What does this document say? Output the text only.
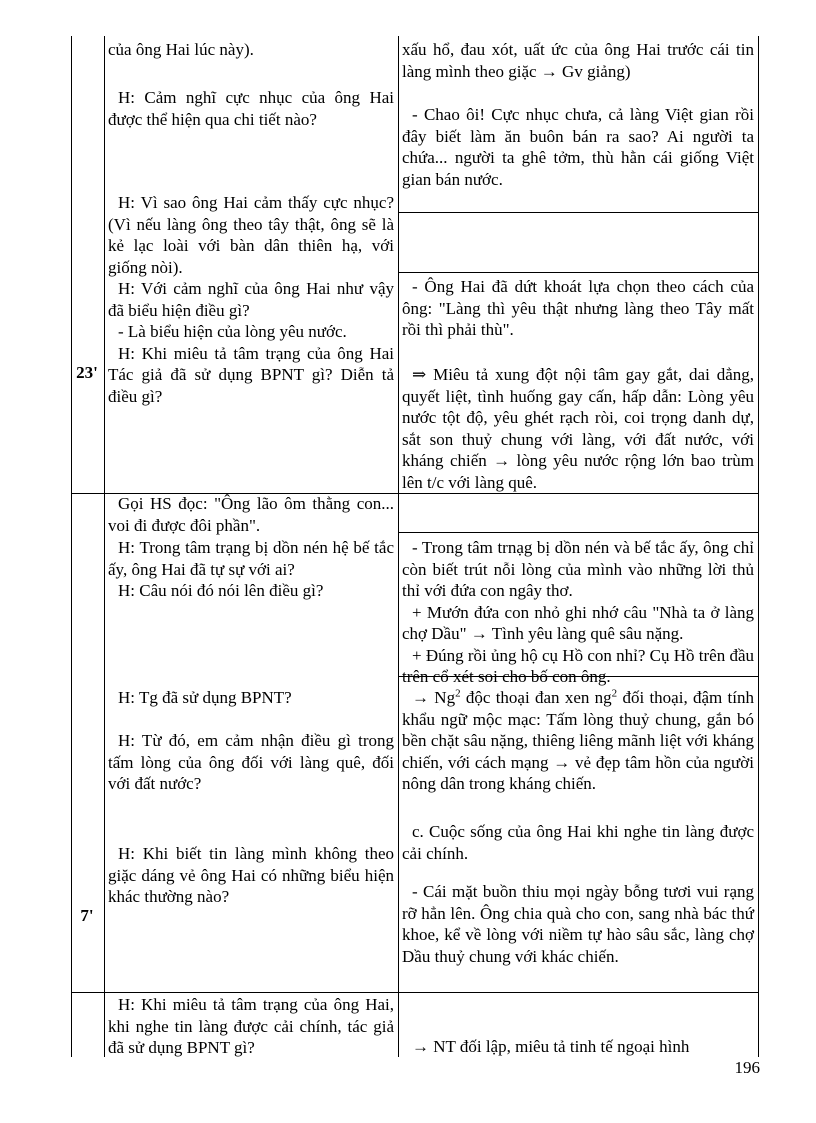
23'
7'

của ông Hai lúc này).

H: Cảm nghĩ cực nhục của ông Hai được thể hiện qua chi tiết nào?

H: Vì sao ông Hai cảm thấy cực nhục? (Vì nếu làng ông theo tây thật, ông sẽ là kẻ lạc loài với bàn dân thiên hạ, với giống nòi).

H: Với cảm nghĩ của ông Hai như vậy đã biểu hiện điều gì?

- Là biểu hiện của lòng yêu nước.

H: Khi miêu tả tâm trạng của ông Hai Tác giả đã sử dụng BPNT gì? Diễn tả điều gì?

Gọi HS đọc: "Ông lão ôm thằng con... voi đi được đôi phần".

H: Trong tâm trạng bị dồn nén hệ bế tắc ấy, ông Hai đã tự sự với ai?

H: Câu nói đó nói lên điều gì?

H: Tg đã sử dụng BPNT?

H: Từ đó, em cảm nhận điều gì trong tấm lòng của ông đối với làng quê, đối với đất nước?

H: Khi biết tin làng mình không theo giặc dáng vẻ ông Hai có những biểu hiện khác thường nào?

H: Khi miêu tả tâm trạng của ông Hai, khi nghe tin làng được cải chính, tác giả đã sử dụng BPNT gì?

xấu hổ, đau xót, uất ức của ông Hai trước cái tin làng mình theo giặc → Gv giảng)

- Chao ôi! Cực nhục chưa, cả làng Việt gian rồi đây biết làm ăn buôn bán ra sao? Ai người ta chứa... người ta ghê tởm, thù hằn cái giống Việt gian bán nước.

- Ông Hai đã dứt khoát lựa chọn theo cách của ông: "Làng thì yêu thật nhưng làng theo Tây mất rồi thì phải thù".

⇒ Miêu tả xung đột nội tâm gay gắt, dai dẳng, quyết liệt, tình huống gay cấn, hấp dẫn: Lòng yêu nước tột độ, yêu ghét rạch ròi, coi trọng danh dự, sắt son thuỷ chung với làng, với đất nước, với kháng chiến → lòng yêu nước rộng lớn bao trùm lên t/c với làng quê.

- Trong tâm trnạg bị dồn nén và bế tắc ấy, ông chỉ còn biết trút nỗi lòng của mình vào những lời thủ thỉ với đứa con ngây thơ.

+ Mướn đứa con nhỏ ghi nhớ câu "Nhà ta ở làng chợ Dầu" → Tình yêu làng quê sâu nặng.

+ Đúng rồi ủng hộ cụ Hồ con nhỉ? Cụ Hồ trên đầu trên cổ xét soi cho bố con ông.

→ $Ng^2$ độc thoại đan xen $ng^2$ đối thoại, đậm tính khẩu ngữ mộc mạc: Tấm lòng thuỷ chung, gắn bó bền chặt sâu nặng, thiêng liêng mãnh liệt với kháng chiến, với cách mạng → vẻ đẹp tâm hồn của người nông dân trong kháng chiến.

c. Cuộc sống của ông Hai khi nghe tin làng được cải chính.

- Cái mặt buồn thiu mọi ngày bỗng tươi vui rạng rỡ hẳn lên. Ông chia quà cho con, sang nhà bác thứ khoe, kể về lòng với niềm tự hào sâu sắc, làng chợ Dầu thuỷ chung với khác chiến.

→ NT đối lập, miêu tả tinh tế ngoại hình

196
